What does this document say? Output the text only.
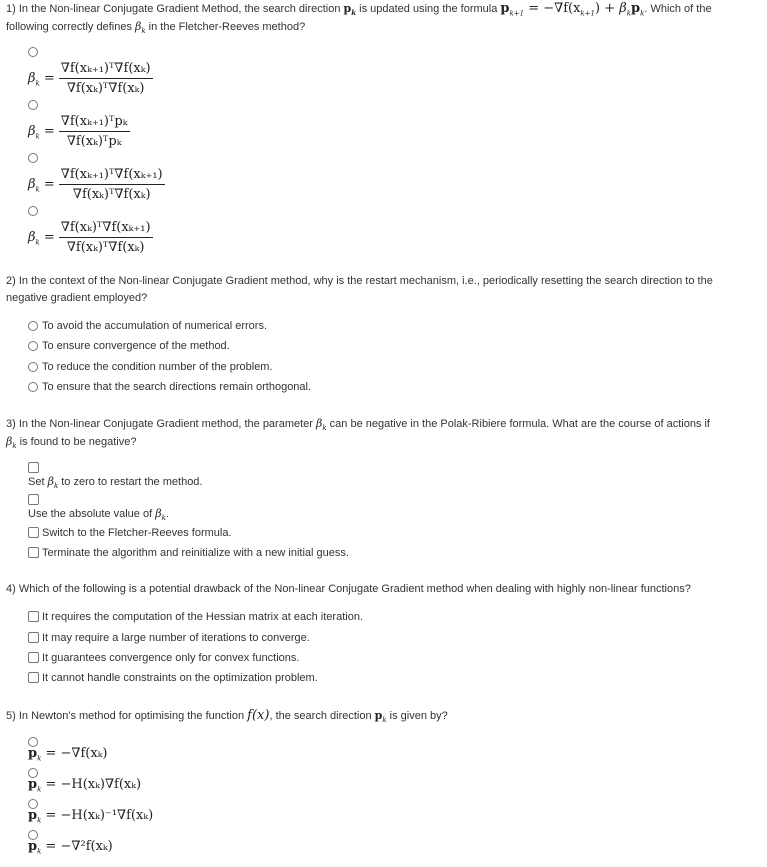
1) In the Non-linear Conjugate Gradient Method, the search direction $p_k$ is updated using the formula $p_{k+1} = -\nabla f(x_{k+1}) + \beta_kp_k$. Which of the
following correctly defines $\beta_k$ in the Fletcher-Reeves method?
$\beta_k = \frac{\text{∇f(xₖ₊₁)ᵀ∇f(xₖ)}}{\text{∇f(xₖ)ᵀ∇f(xₖ)}}$
$\beta_k = \frac{\text{∇f(xₖ₊₁)ᵀpₖ}}{\text{∇f(xₖ)ᵀpₖ}}$
$\beta_k = \frac{\text{∇f(xₖ₊₁)ᵀ∇f(xₖ₊₁)}}{\text{∇f(xₖ)ᵀ∇f(xₖ)}}$
$\beta_k = \frac{\text{∇f(xₖ)ᵀ∇f(xₖ₊₁)}}{\text{∇f(xₖ)ᵀ∇f(xₖ)}}$
2) In the context of the Non-linear Conjugate Gradient method, why is the restart mechanism, i.e., periodically resetting the search direction to the
negative gradient employed?
To avoid the accumulation of numerical errors.
To ensure convergence of the method.
To reduce the condition number of the problem.
To ensure that the search directions remain orthogonal.
3) In the Non-linear Conjugate Gradient method, the parameter $\beta_k$ can be negative in the Polak-Ribiere formula. What are the course of actions if
$\beta_k$ is found to be negative?
Set $\beta_k$ to zero to restart the method.
Use the absolute value of $\beta_k$.
Switch to the Fletcher-Reeves formula.
Terminate the algorithm and reinitialize with a new initial guess.
4) Which of the following is a potential drawback of the Non-linear Conjugate Gradient method when dealing with highly non-linear functions?
It requires the computation of the Hessian matrix at each iteration.
It may require a large number of iterations to converge.
It guarantees convergence only for convex functions.
It cannot handle constraints on the optimization problem.
5) In Newton's method for optimising the function f(x), the search direction $p_k$ is given by?
$p_k = -\nabla f(x_k)$
$p_k = -H(x_k)\nabla f(x_k)$
$p_k = -H(x_k)^{-1}\nabla f(x_k)$
$p_k = -\nabla^2f(x_k)$
